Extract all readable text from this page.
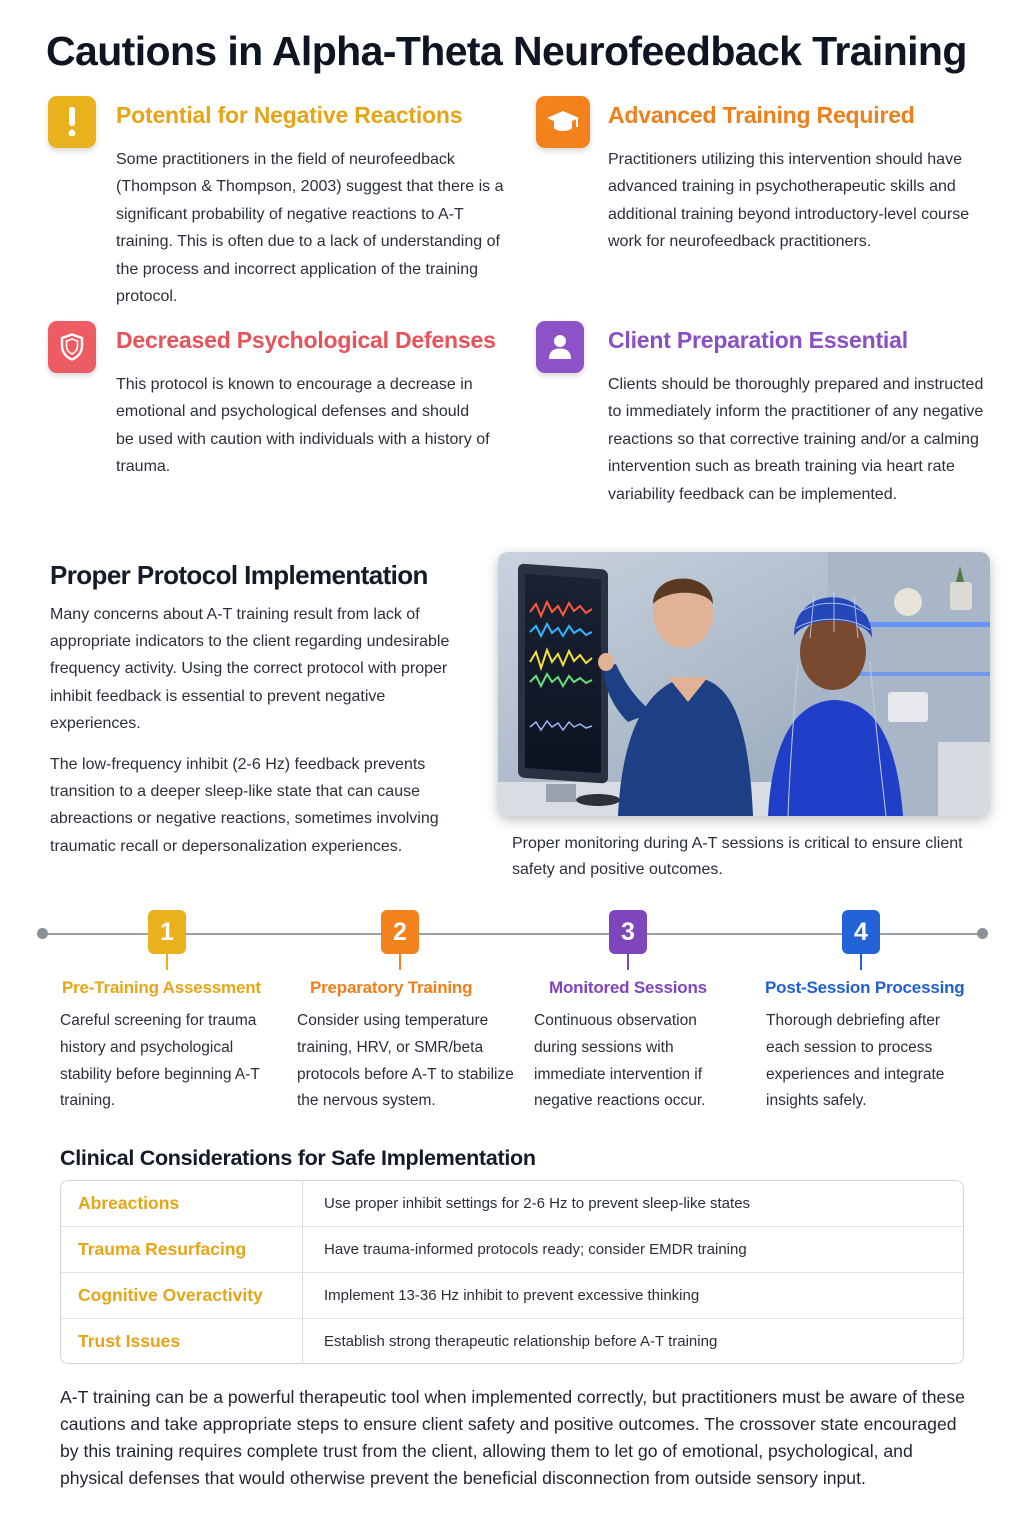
Cautions in Alpha-Theta Neurofeedback Training
Potential for Negative Reactions

Some practitioners in the field of neurofeedback (Thompson & Thompson, 2003) suggest that there is a significant probability of negative reactions to A-T training. This is often due to a lack of understanding of the process and incorrect application of the training protocol.

Advanced Training Required

Practitioners utilizing this intervention should have advanced training in psychotherapeutic skills and additional training beyond introductory-level course work for neurofeedback practitioners.

Decreased Psychological Defenses

This protocol is known to encourage a decrease in emotional and psychological defenses and should be used with caution with individuals with a history of trauma.

Client Preparation Essential

Clients should be thoroughly prepared and instructed to immediately inform the practitioner of any negative reactions so that corrective training and/or a calming intervention such as breath training via heart rate variability feedback can be implemented.

Proper Protocol Implementation

Many concerns about A-T training result from lack of appropriate indicators to the client regarding undesirable frequency activity. Using the correct protocol with proper inhibit feedback is essential to prevent negative experiences.

The low-frequency inhibit (2-6 Hz) feedback prevents transition to a deeper sleep-like state that can cause abreactions or negative reactions, sometimes involving traumatic recall or depersonalization experiences.	Proper monitoring during A-T sessions is critical to ensure client safety and positive outcomes.

1
Pre-Training Assessment

Careful screening for trauma history and psychological stability before beginning A-T training.

2
Preparatory Training

Consider using temperature training, HRV, or SMR/beta protocols before A-T to stabilize the nervous system.

3
Monitored Sessions

Continuous observation during sessions with immediate intervention if negative reactions occur.

4
Post-Session Processing

Thorough debriefing after each session to process experiences and integrate insights safely.

Clinical Considerations for Safe Implementation
Abreactions	Use proper inhibit settings for 2-6 Hz to prevent sleep-like states
Trauma Resurfacing	Have trauma-informed protocols ready; consider EMDR training
Cognitive Overactivity	Implement 13-36 Hz inhibit to prevent excessive thinking
Trust Issues	Establish strong therapeutic relationship before A-T training

A-T training can be a powerful therapeutic tool when implemented correctly, but practitioners must be aware of these cautions and take appropriate steps to ensure client safety and positive outcomes. The crossover state encouraged by this training requires complete trust from the client, allowing them to let go of emotional, psychological, and physical defenses that would otherwise prevent the beneficial disconnection from outside sensory input.
